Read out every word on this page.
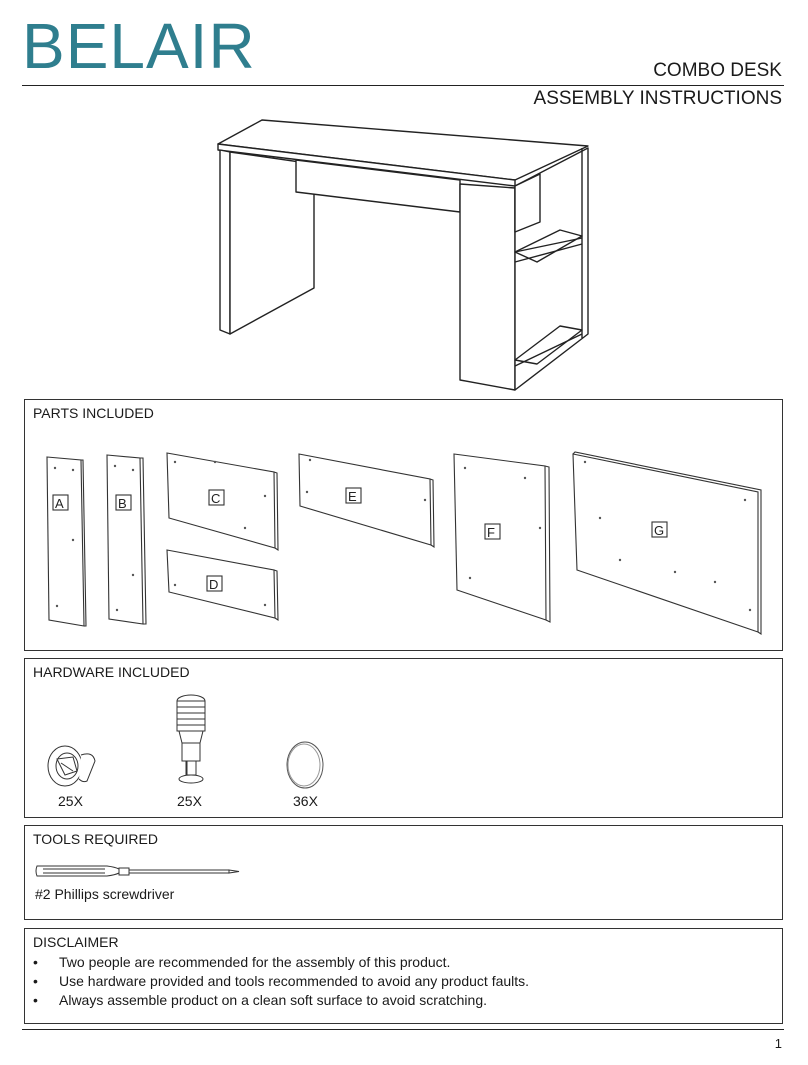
BELAIR	COMBO DESK
ASSEMBLY INSTRUCTIONS
PARTS INCLUDED
A	B	C
D
E
F	G
HARDWARE INCLUDED
25X	25X	36X
TOOLS REQUIRED
#2 Phillips screwdriver
DISCLAIMER
• Two people are recommended for the assembly of this product.
• Use hardware provided and tools recommended to avoid any product faults.
• Always assemble product on a clean soft surface to avoid scratching.
1
